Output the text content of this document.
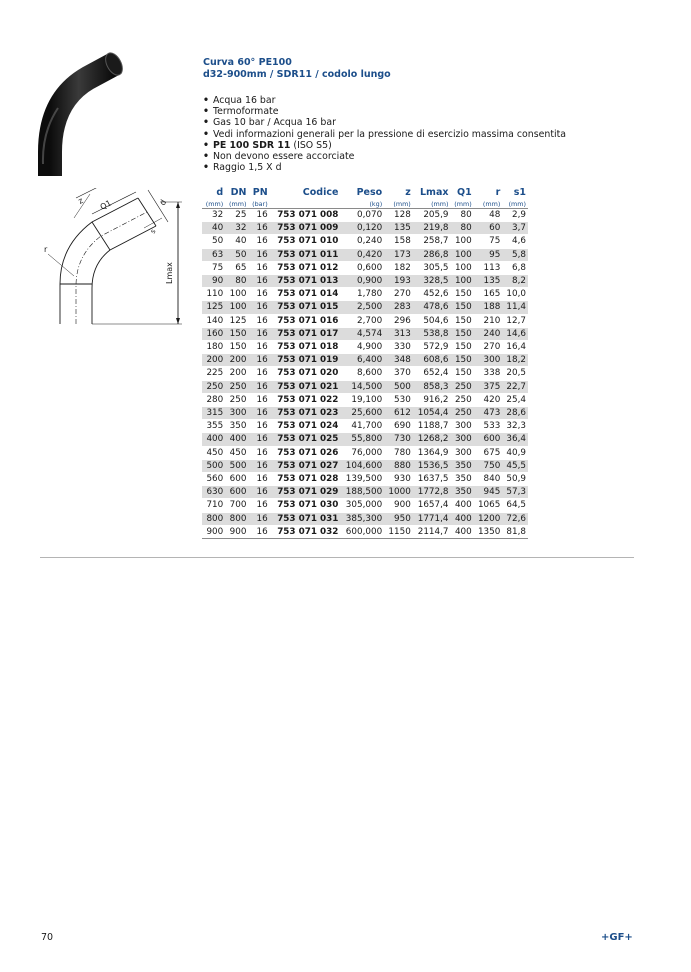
z Q1	d
s
r
Lmax
Curva 60° PE100
d32-900mm / SDR11 / codolo lungo
• Acqua 16 bar
• Termoformate
• Gas 10 bar / Acqua 16 bar
• Vedi informazioni generali per la pressione di esercizio massima consentita
• PE 100 SDR 11 (ISO S5)
• Non devono essere accorciate
• Raggio 1,5 X d
d	DN	PN	Codice	Peso	z	Lmax	Q1	r	s1
(mm)	(mm)	(bar)		(kg)	(mm)	(mm)	(mm)	(mm)	(mm)
32	25	16	753 071 008	0,070	128	205,9	80	48	2,9
40	32	16	753 071 009	0,120	135	219,8	80	60	3,7
50	40	16	753 071 010	0,240	158	258,7	100	75	4,6
63	50	16	753 071 011	0,420	173	286,8	100	95	5,8
75	65	16	753 071 012	0,600	182	305,5	100	113	6,8
90	80	16	753 071 013	0,900	193	328,5	100	135	8,2
110	100	16	753 071 014	1,780	270	452,6	150	165	10,0
125	100	16	753 071 015	2,500	283	478,6	150	188	11,4
140	125	16	753 071 016	2,700	296	504,6	150	210	12,7
160	150	16	753 071 017	4,574	313	538,8	150	240	14,6
180	150	16	753 071 018	4,900	330	572,9	150	270	16,4
200	200	16	753 071 019	6,400	348	608,6	150	300	18,2
225	200	16	753 071 020	8,600	370	652,4	150	338	20,5
250	250	16	753 071 021	14,500	500	858,3	250	375	22,7
280	250	16	753 071 022	19,100	530	916,2	250	420	25,4
315	300	16	753 071 023	25,600	612	1054,4	250	473	28,6
355	350	16	753 071 024	41,700	690	1188,7	300	533	32,3
400	400	16	753 071 025	55,800	730	1268,2	300	600	36,4
450	450	16	753 071 026	76,000	780	1364,9	300	675	40,9
500	500	16	753 071 027	104,600	880	1536,5	350	750	45,5
560	600	16	753 071 028	139,500	930	1637,5	350	840	50,9
630	600	16	753 071 029	188,500	1000	1772,8	350	945	57,3
710	700	16	753 071 030	305,000	900	1657,4	400	1065	64,5
800	800	16	753 071 031	385,300	950	1771,4	400	1200	72,6
900	900	16	753 071 032	600,000	1150	2114,7	400	1350	81,8
70	+GF+
